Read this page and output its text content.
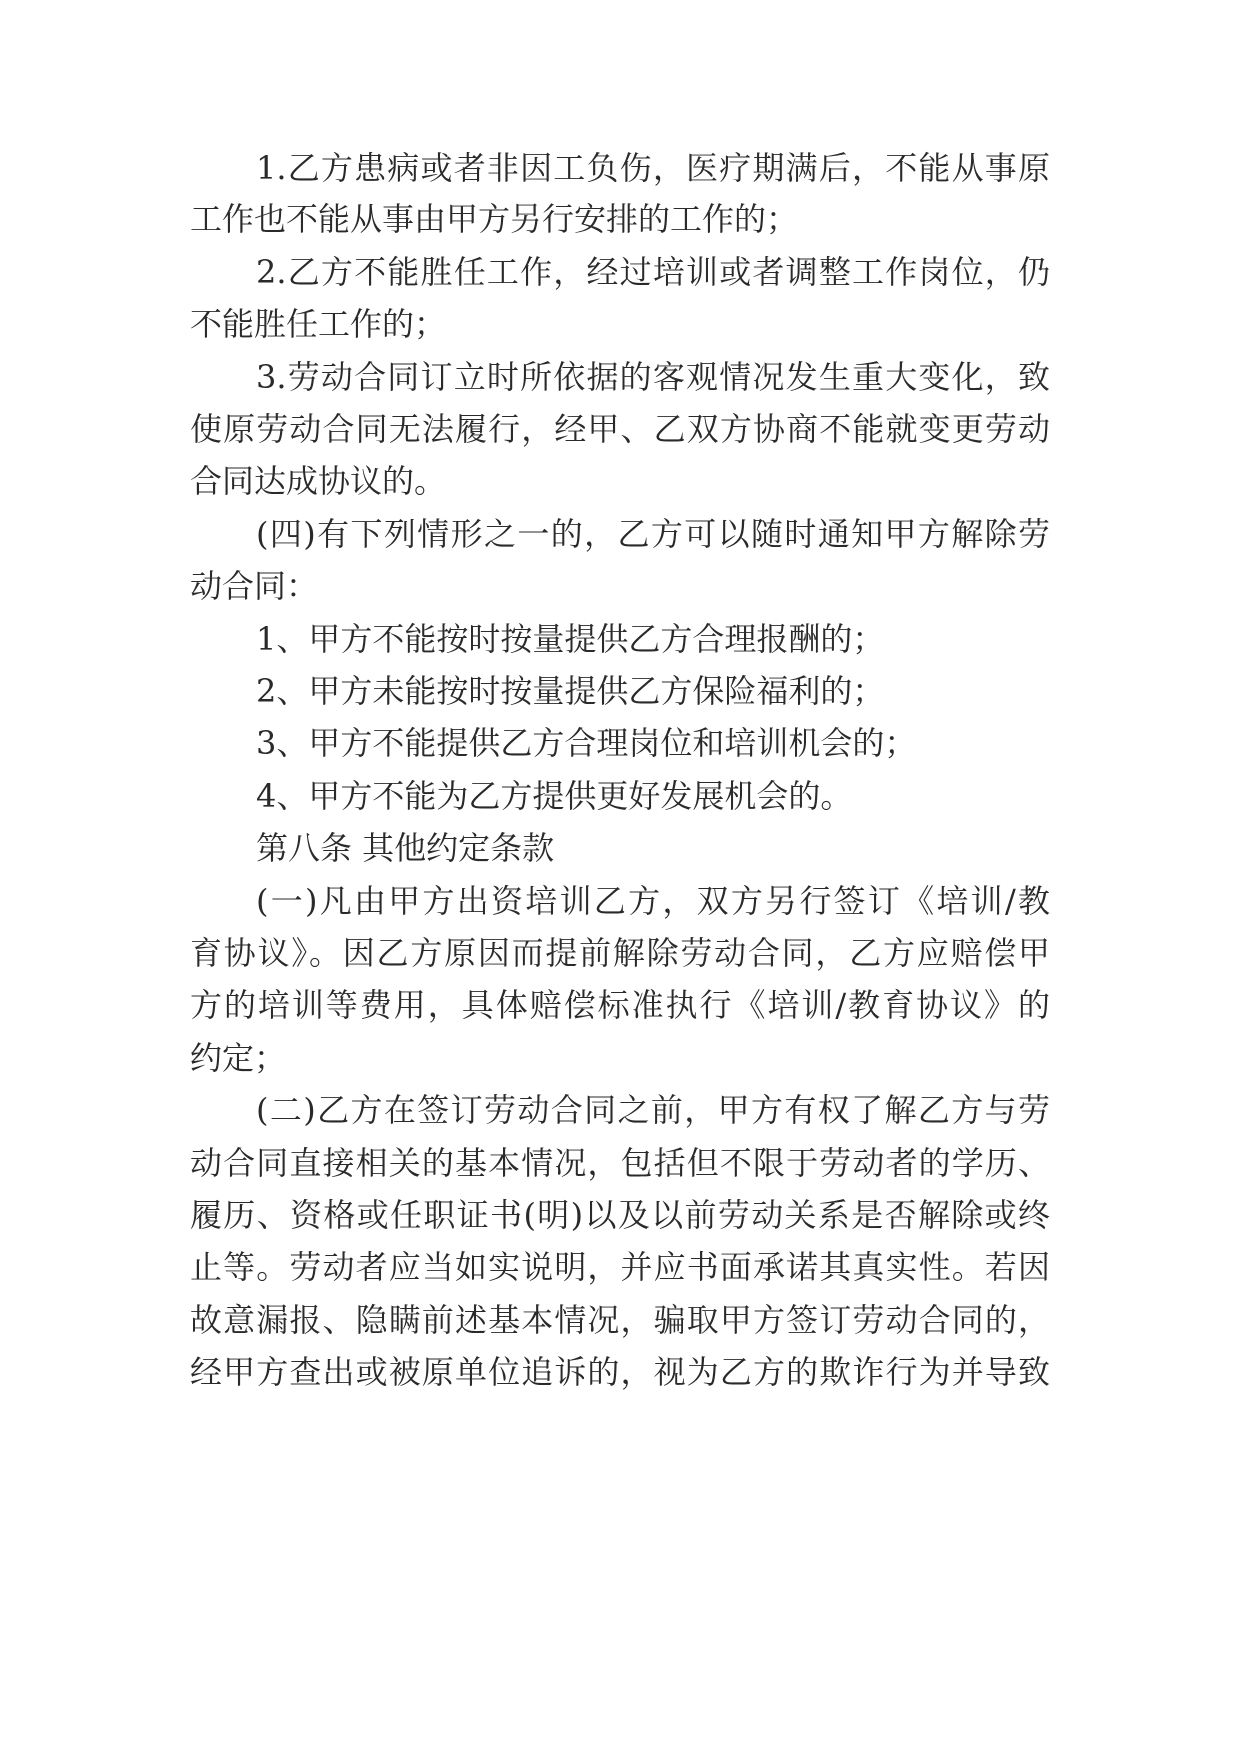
1.乙方患病或者非因工负伤，医疗期满后，不能从事原

工作也不能从事由甲方另行安排的工作的；

2.乙方不能胜任工作，经过培训或者调整工作岗位，仍

不能胜任工作的；

3.劳动合同订立时所依据的客观情况发生重大变化，致

使原劳动合同无法履行，经甲、乙双方协商不能就变更劳动

合同达成协议的。

(四)有下列情形之一的，乙方可以随时通知甲方解除劳

动合同：

1、甲方不能按时按量提供乙方合理报酬的；

2、甲方未能按时按量提供乙方保险福利的；

3、甲方不能提供乙方合理岗位和培训机会的；

4、甲方不能为乙方提供更好发展机会的。

第八条 其他约定条款

(一)凡由甲方出资培训乙方，双方另行签订《培训/教

育协议》。因乙方原因而提前解除劳动合同，乙方应赔偿甲

方的培训等费用，具体赔偿标准执行《培训/教育协议》的

约定；

(二)乙方在签订劳动合同之前，甲方有权了解乙方与劳

动合同直接相关的基本情况，包括但不限于劳动者的学历、

履历、资格或任职证书(明)以及以前劳动关系是否解除或终

止等。劳动者应当如实说明，并应书面承诺其真实性。若因

故意漏报、隐瞒前述基本情况，骗取甲方签订劳动合同的，

经甲方查出或被原单位追诉的，视为乙方的欺诈行为并导致
